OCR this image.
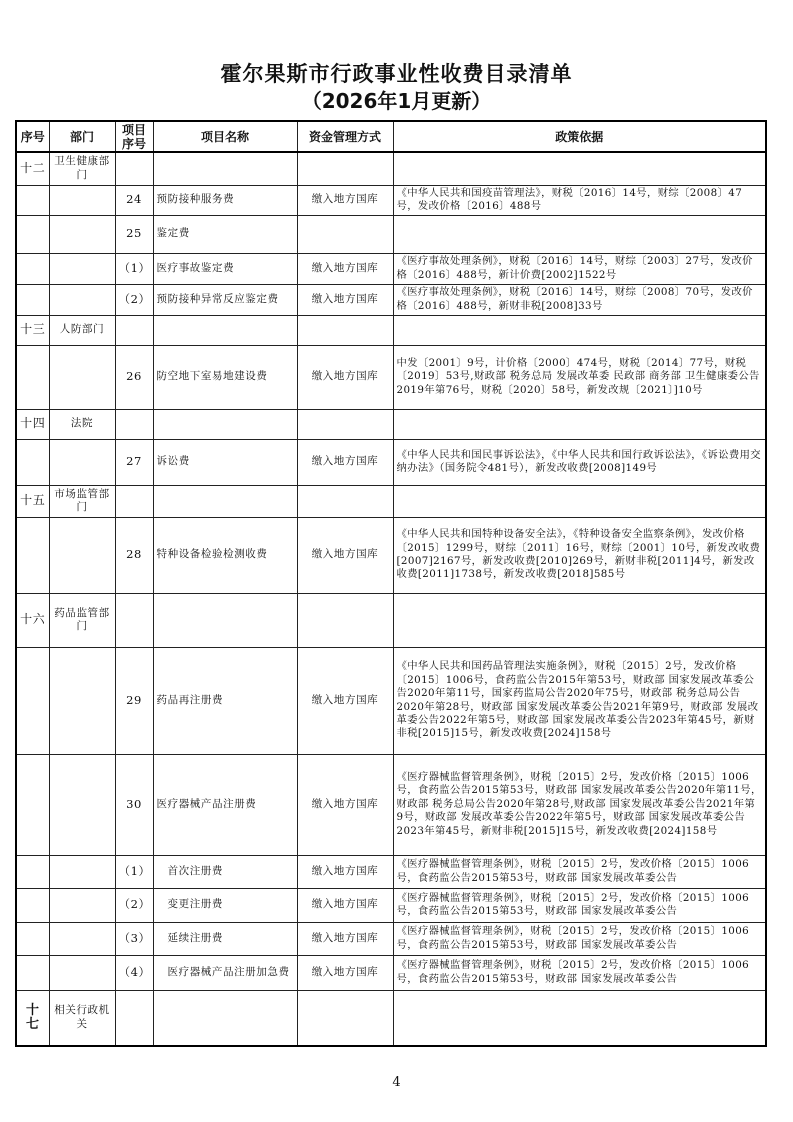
霍尔果斯市行政事业性收费目录清单
（2026年1月更新）
序号	部门	项目序号	项目名称	资金管理方式	政策依据
十二	卫生健康部门				
		24	预防接种服务费	缴入地方国库	《中华人民共和国疫苗管理法》，财税〔2016〕14号，财综〔2008〕47号，发改价格〔2016〕488号
		25	鉴定费		
		（1）	医疗事故鉴定费	缴入地方国库	《医疗事故处理条例》，财税〔2016〕14号，财综〔2003〕27号，发改价格〔2016〕488号，新计价费[2002]1522号
		（2）	预防接种异常反应鉴定费	缴入地方国库	《医疗事故处理条例》，财税〔2016〕14号，财综〔2008〕70号，发改价格〔2016〕488号，新财非税[2008]33号
十三	人防部门				
		26	防空地下室易地建设费	缴入地方国库	中发〔2001〕9号，计价格〔2000〕474号，财税〔2014〕77号，财税〔2019〕53号,财政部 税务总局 发展改革委 民政部 商务部 卫生健康委公告2019年第76号，财税〔2020〕58号，新发改规〔2021〕]10号
十四	法院				
		27	诉讼费	缴入地方国库	《中华人民共和国民事诉讼法》，《中华人民共和国行政诉讼法》，《诉讼费用交纳办法》（国务院令481号），新发改收费[2008]149号
十五	市场监管部门				
		28	特种设备检验检测收费	缴入地方国库	《中华人民共和国特种设备安全法》，《特种设备安全监察条例》，发改价格〔2015〕1299号，财综〔2011〕16号，财综〔2001〕10号，新发改收费[2007]2167号，新发改收费[2010]269号，新财非税[2011]4号，新发改收费[2011]1738号，新发改收费[2018]585号
十六	药品监管部门				
		29	药品再注册费	缴入地方国库	《中华人民共和国药品管理法实施条例》，财税〔2015〕2号，发改价格〔2015〕1006号，食药监公告2015年第53号，财政部 国家发展改革委公告2020年第11号，国家药监局公告2020年75号，财政部 税务总局公告2020年第28号，财政部 国家发展改革委公告2021年第9号，财政部 发展改革委公告2022年第5号，财政部 国家发展改革委公告2023年第45号，新财非税[2015]15号，新发改收费[2024]158号
		30	医疗器械产品注册费	缴入地方国库	《医疗器械监督管理条例》，财税〔2015〕2号，发改价格〔2015〕1006号，食药监公告2015第53号，财政部 国家发展改革委公告2020年第11号，财政部 税务总局公告2020年第28号,财政部 国家发展改革委公告2021年第9号，财政部 发展改革委公告2022年第5号，财政部 国家发展改革委公告2023年第45号，新财非税[2015]15号，新发改收费[2024]158号
		（1）	首次注册费	缴入地方国库	《医疗器械监督管理条例》，财税〔2015〕2号，发改价格〔2015〕1006号，食药监公告2015第53号，财政部 国家发展改革委公告
		（2）	变更注册费	缴入地方国库	《医疗器械监督管理条例》，财税〔2015〕2号，发改价格〔2015〕1006号，食药监公告2015第53号，财政部 国家发展改革委公告
		（3）	延续注册费	缴入地方国库	《医疗器械监督管理条例》，财税〔2015〕2号，发改价格〔2015〕1006号，食药监公告2015第53号，财政部 国家发展改革委公告
		（4）	医疗器械产品注册加急费	缴入地方国库	《医疗器械监督管理条例》，财税〔2015〕2号，发改价格〔2015〕1006号，食药监公告2015第53号，财政部 国家发展改革委公告
十七	相关行政机关				
4
